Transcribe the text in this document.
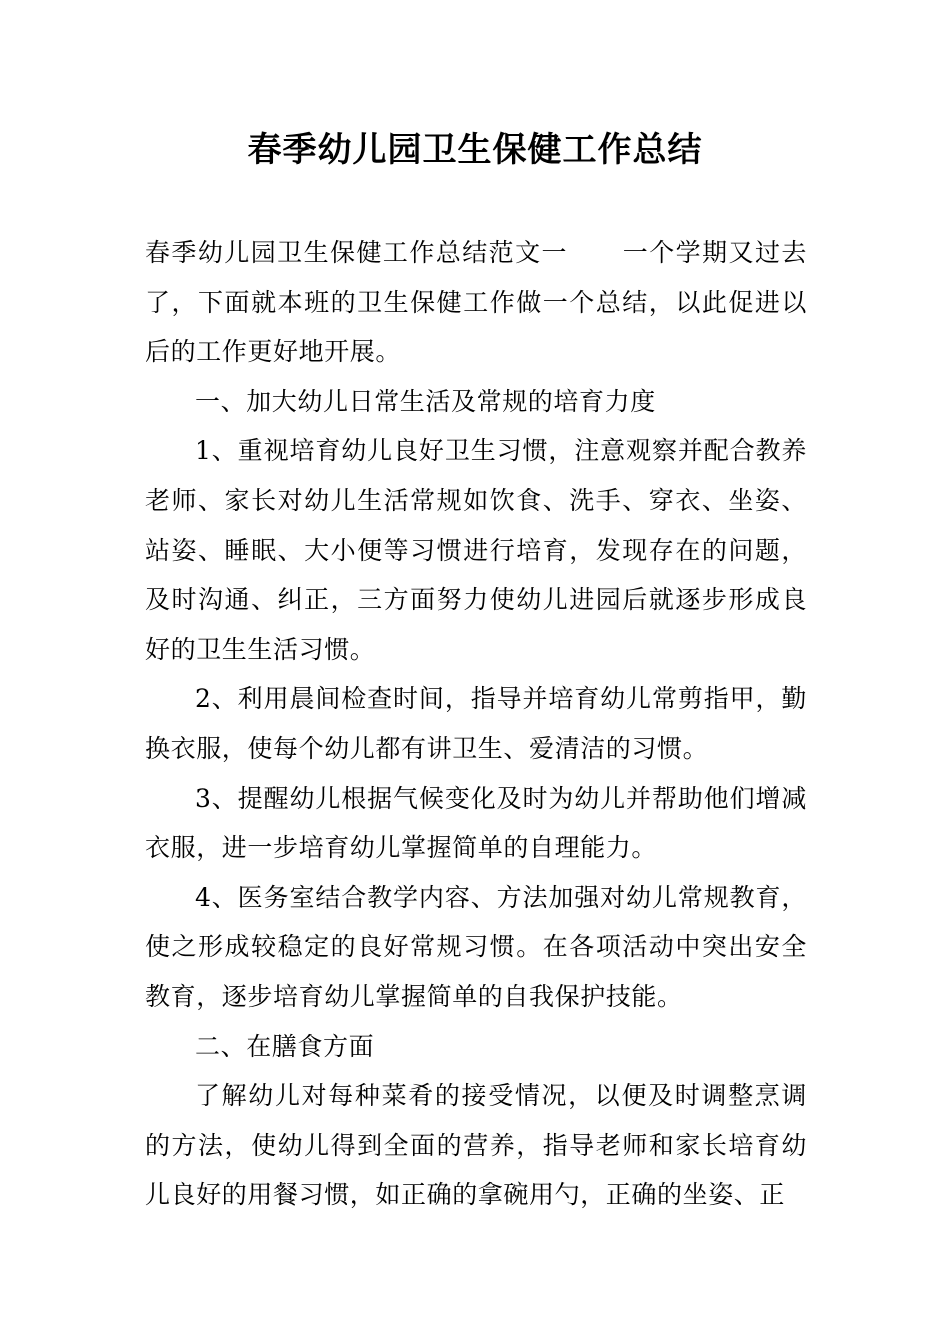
春季幼儿园卫生保健工作总结

春季幼儿园卫生保健工作总结范文一 一个学期又过去了，下面就本班的卫生保健工作做一个总结，以此促进以后的工作更好地开展。

一、加大幼儿日常生活及常规的培育力度

1、重视培育幼儿良好卫生习惯，注意观察并配合教养老师、家长对幼儿生活常规如饮食、洗手、穿衣、坐姿、站姿、睡眠、大小便等习惯进行培育，发现存在的问题，及时沟通、纠正，三方面努力使幼儿进园后就逐步形成良好的卫生生活习惯。

2、利用晨间检查时间，指导并培育幼儿常剪指甲，勤换衣服，使每个幼儿都有讲卫生、爱清洁的习惯。

3、提醒幼儿根据气候变化及时为幼儿并帮助他们增减衣服，进一步培育幼儿掌握简单的自理能力。

4、医务室结合教学内容、方法加强对幼儿常规教育，使之形成较稳定的良好常规习惯。在各项活动中突出安全教育，逐步培育幼儿掌握简单的自我保护技能。

二、在膳食方面

了解幼儿对每种菜肴的接受情况，以便及时调整烹调的方法，使幼儿得到全面的营养，指导老师和家长培育幼儿良好的用餐习惯，如正确的拿碗用勺，正确的坐姿、正
